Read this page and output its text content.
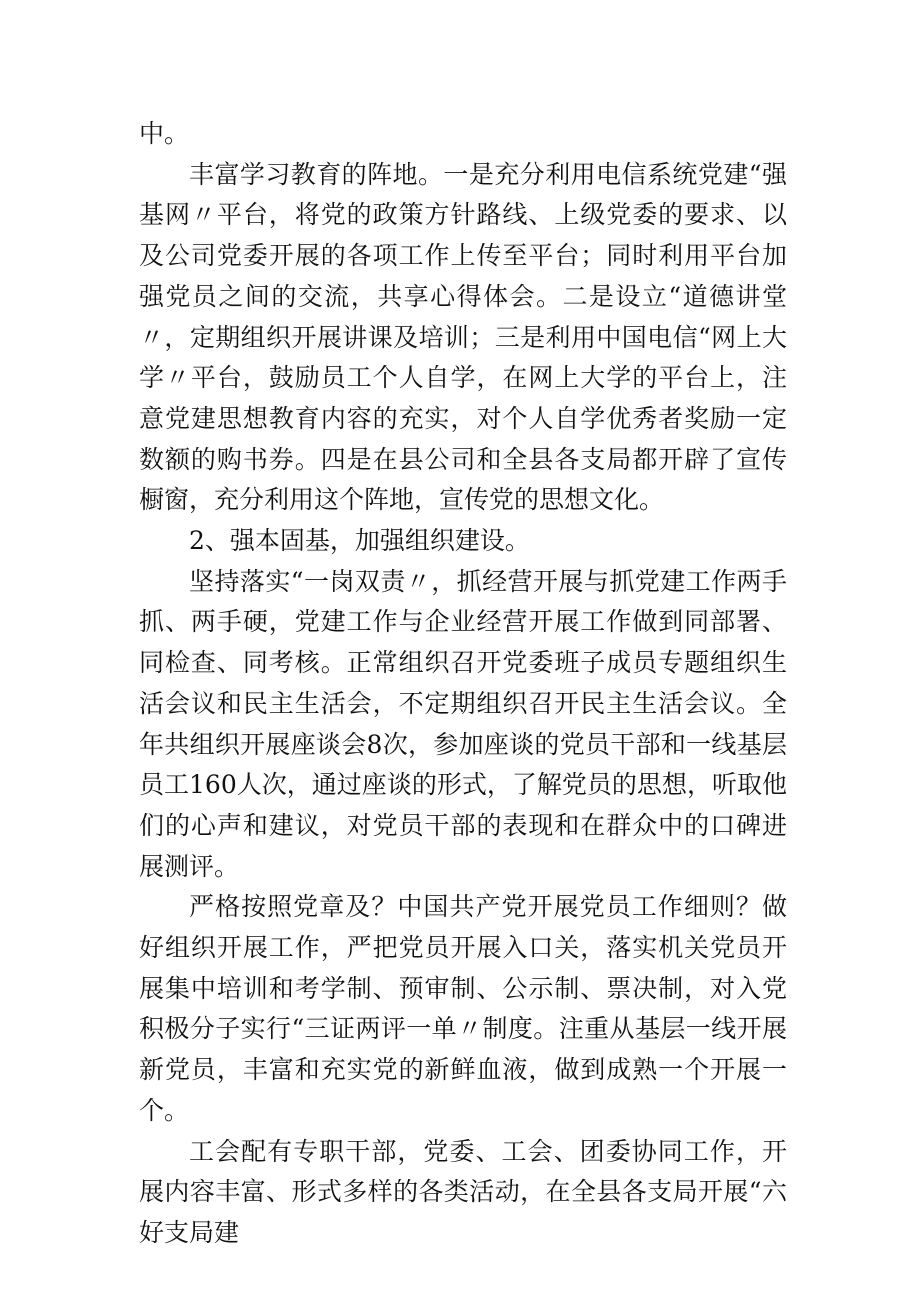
中。

丰富学习教育的阵地。一是充分利用电信系统党建“强基网〃平台，将党的政策方针路线、上级党委的要求、以及公司党委开展的各项工作上传至平台；同时利用平台加强党员之间的交流，共享心得体会。二是设立“道德讲堂〃，定期组织开展讲课及培训；三是利用中国电信“网上大学〃平台，鼓励员工个人自学，在网上大学的平台上，注意党建思想教育内容的充实，对个人自学优秀者奖励一定数额的购书券。四是在县公司和全县各支局都开辟了宣传橱窗，充分利用这个阵地，宣传党的思想文化。

2、强本固基，加强组织建设。

坚持落实“一岗双责〃，抓经营开展与抓党建工作两手抓、两手硬，党建工作与企业经营开展工作做到同部署、同检查、同考核。正常组织召开党委班子成员专题组织生活会议和民主生活会，不定期组织召开民主生活会议。全年共组织开展座谈会8次，参加座谈的党员干部和一线基层员工160人次，通过座谈的形式，了解党员的思想，听取他们的心声和建议，对党员干部的表现和在群众中的口碑进展测评。

严格按照党章及？中国共产党开展党员工作细则？做好组织开展工作，严把党员开展入口关，落实机关党员开展集中培训和考学制、预审制、公示制、票决制，对入党积极分子实行“三证两评一单〃制度。注重从基层一线开展新党员，丰富和充实党的新鲜血液，做到成熟一个开展一个。

工会配有专职干部，党委、工会、团委协同工作，开展内容丰富、形式多样的各类活动，在全县各支局开展“六好支局建
